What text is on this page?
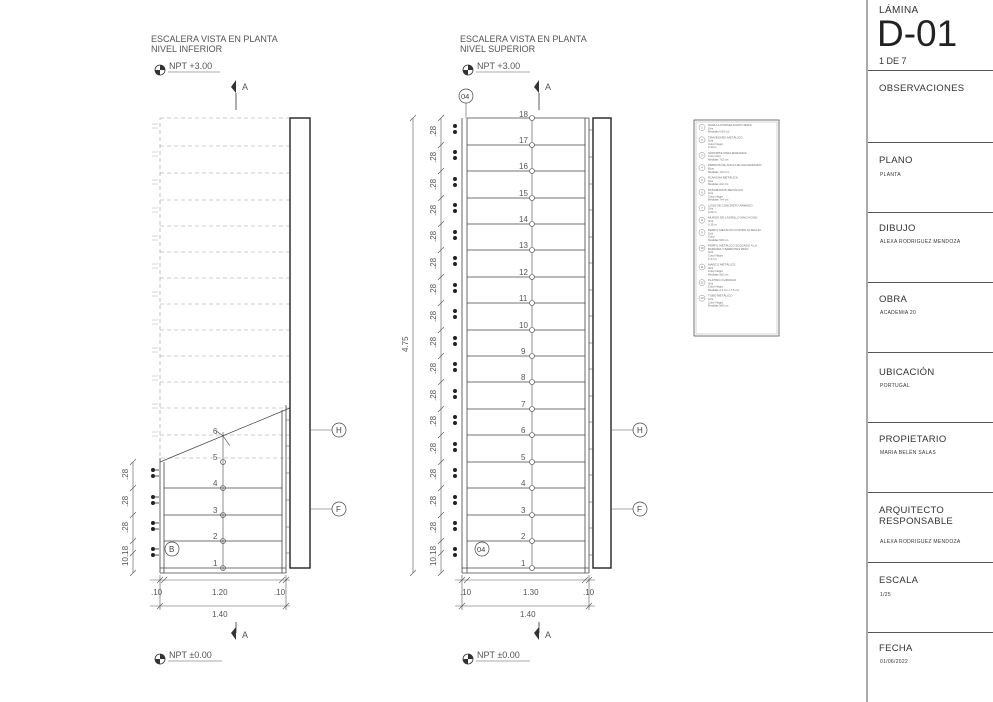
ESCALERA VISTA EN PLANTA
NIVEL INFERIOR
NPT +3.00
A
1
2
3
4
5
6
10.18
.28
.28
.28
B
H
F
.10	1.20	.10
1.40
A
NPT ±0.00
ESCALERA VISTA EN PLANTA
NIVEL SUPERIOR
NPT +3.00
A
04
1
2
3
4
5
6
7
8
9
10
11
12
13
14
15
16
17
18
10.18
.28
.28
.28
.28
.28
.28
.28
.28
.28
.28
.28
.28
.28
.28
.28
.28
4.75
04
H
F
.10	1.30	.10
1.40
A
NPT ±0.00
1
HUELLA PORCELANATO MATE
Gris
Medidas 0.60 cm
2
TRAVESAÑO METÁLICO
Gris
Color Negro
2.3mm
3
SOPORTE PARA BARANDA
Color Gris
Medidas 7x2 cm
4
PERNOS DE ANCLAJE GALVANIZADO
Mcm
Medidas 7x2 mm
5
PLANCHA METÁLICA
Gris
Medidas 2x2 cm
6
PASAMANOS METÁLICO
Gris
Color Negro
Medidas 7x4 cm
7
LOSA DE CONCRETO ARMADO
Gris
0.20 m
8
MUROS DE LADRILLO KING KONG
Gris
0.15 m
9
PERFIL METÁLICO FONDO ALTECHO
Gris
Color
Medidas 5x5 cm
10
PERFIL METÁLICO SOLDADO A LA
BARANDA Y BARROTES PASO
Gris
Color Negro
2.3 cm
11
MARCO METÁLICO
Gris
Color Negro
Medidas 5x5 cm
12
PLATINO CURVADO
Gris
Color Negro
Medidas 2.4 cm x 7.5 cm
13
TUBO METÁLICO
Gris
Color Negro
Medidas 5x5 cm
LÁMINA
D-01
1 DE 7
OBSERVACIONES
PLANO
PLANTA
DIBUJO
ALEXA RODRIGUEZ MENDOZA
OBRA
ACADEMIA 20
UBICACIÓN
PORTUGAL
PROPIETARIO
MARIA BELÉN SALAS
ARQUITECTO
RESPONSABLE
ALEXA RODRIGUEZ MENDOZA
ESCALA
1/25
FECHA
01/06/2022
